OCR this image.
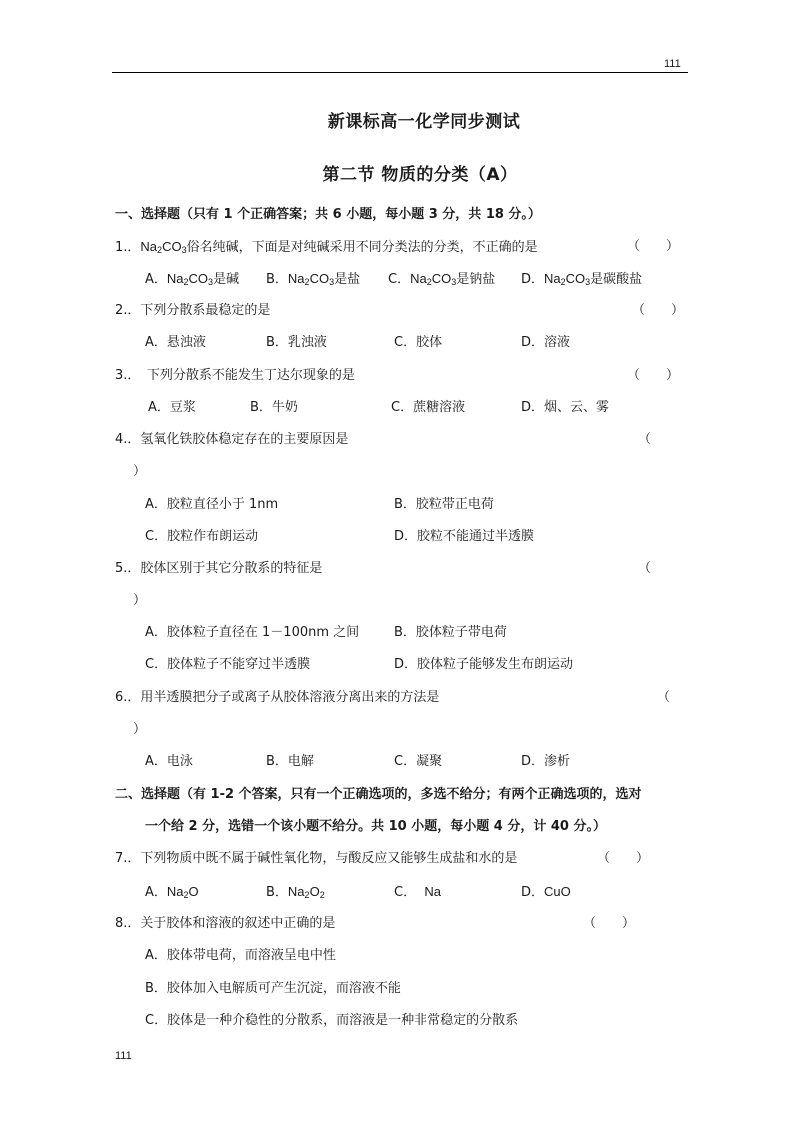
111
新课标高一化学同步测试
第二节 物质的分类（A）
一、选择题（只有 1 个正确答案；共 6 小题，每小题 3 分，共 18 分。）
1.．$Na_2CO_3$俗名纯碱，下面是对纯碱采用不同分类法的分类，不正确的是	（　　）
A．$Na_2CO_3$是碱 B．$Na_2CO_3$是盐 C．$Na_2CO_3$是钠盐 D．$Na_2CO_3$是碳酸盐
2.．下列分散系最稳定的是	（　　）
A．悬浊液	B．乳浊液	C．胶体	D．溶液
3.．　下列分散系不能发生丁达尔现象的是	（　　）
A．豆浆	B．牛奶	C．蔗糖溶液	D．烟、云、雾
4.．氢氧化铁胶体稳定存在的主要原因是	（
）
A．胶粒直径小于 1nm	B．胶粒带正电荷
C．胶粒作布朗运动	D．胶粒不能通过半透膜
5.．胶体区别于其它分散系的特征是	（
）
A．胶体粒子直径在 1－100nm 之间	B．胶体粒子带电荷
C．胶体粒子不能穿过半透膜	D．胶体粒子能够发生布朗运动
6.．用半透膜把分子或离子从胶体溶液分离出来的方法是	（
）
A．电泳	B．电解	C．凝聚	D．渗析
二、选择题（有 1-2 个答案，只有一个正确选项的，多选不给分；有两个正确选项的，选对
一个给 2 分，选错一个该小题不给分。共 10 小题，每小题 4 分，计 40 分。）
7.．下列物质中既不属于碱性氧化物，与酸反应又能够生成盐和水的是	（　　）
A．$Na_2O$	B．$Na_2O_2$	C． Na	D．CuO
8.．关于胶体和溶液的叙述中正确的是	（　　）
A．胶体带电荷，而溶液呈电中性
B．胶体加入电解质可产生沉淀，而溶液不能
C．胶体是一种介稳性的分散系，而溶液是一种非常稳定的分散系
111
